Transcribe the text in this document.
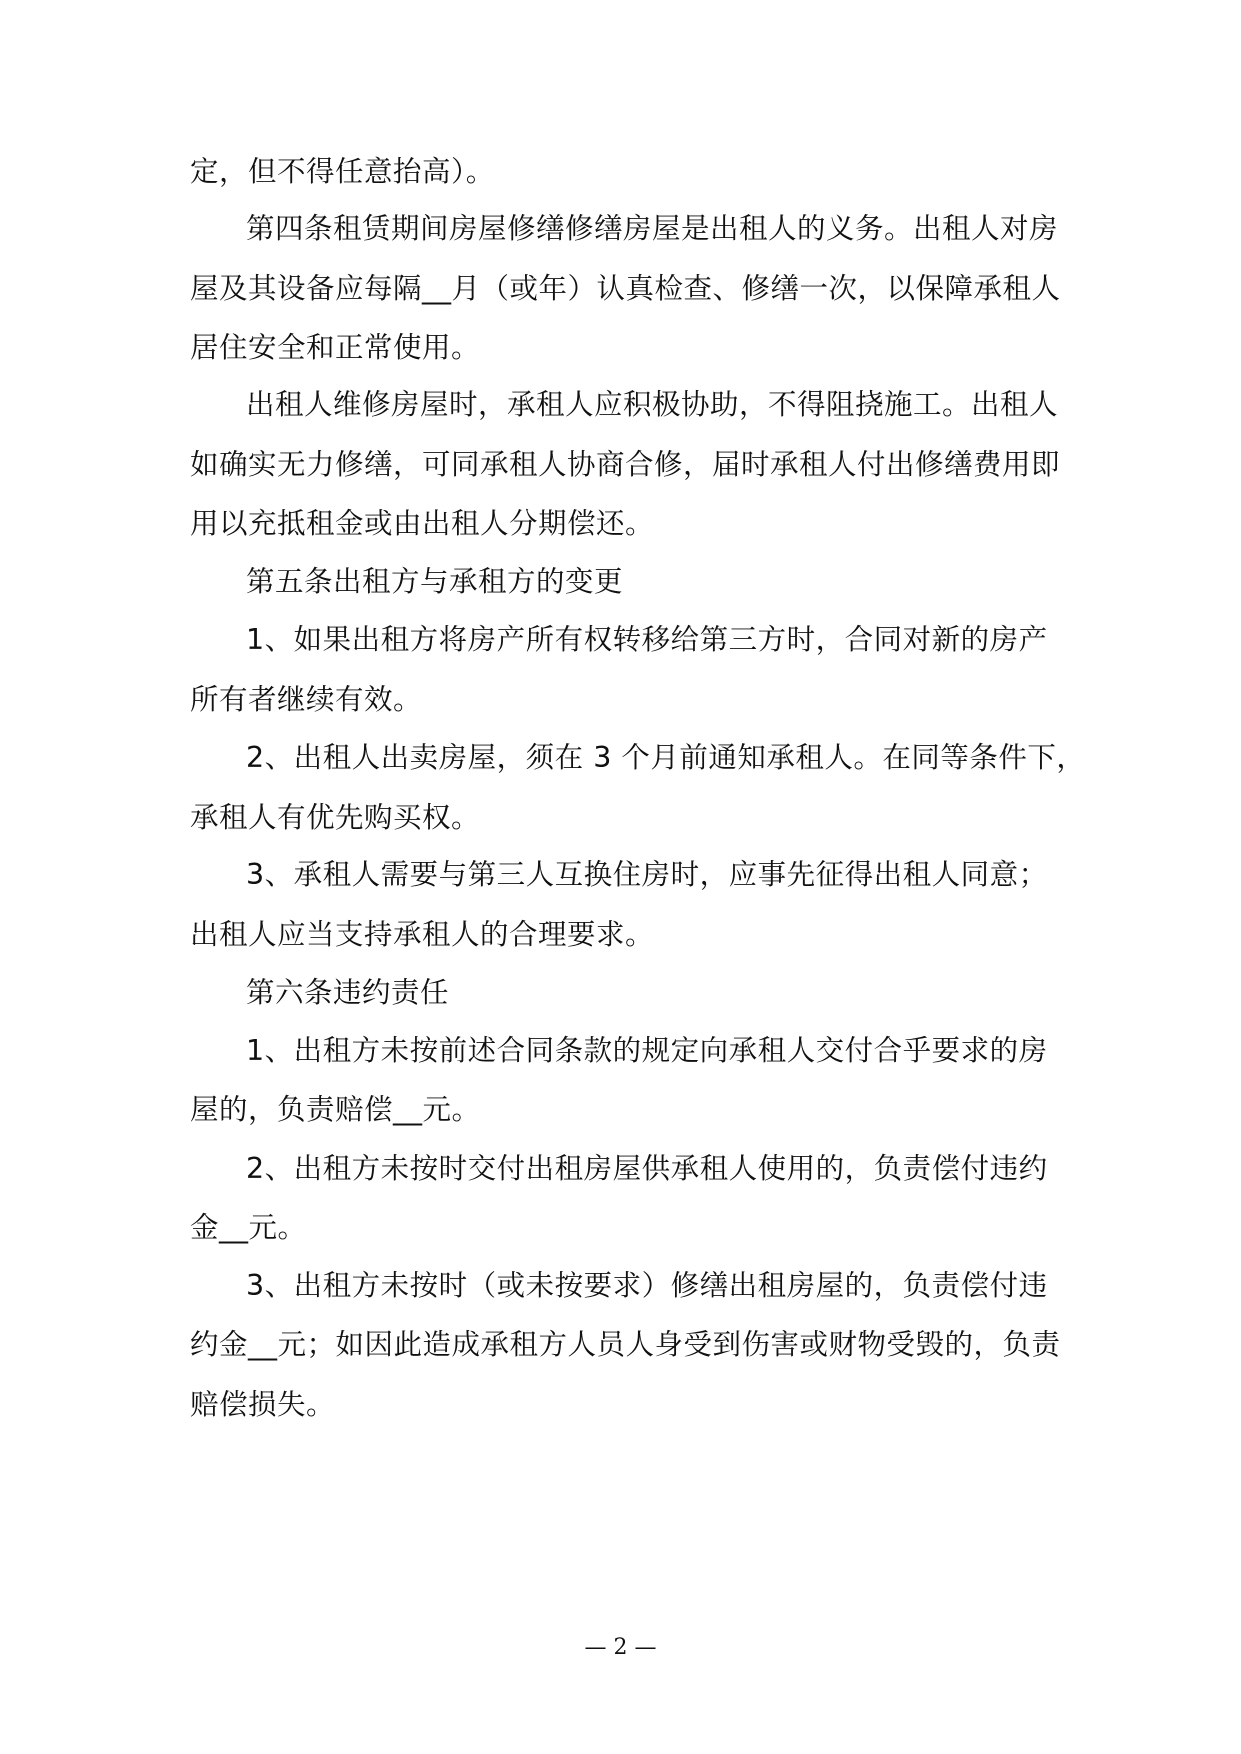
定，但不得任意抬高）。
第四条租赁期间房屋修缮修缮房屋是出租人的义务。出租人对房
屋及其设备应每隔__月（或年）认真检查、修缮一次，以保障承租人
居住安全和正常使用。
出租人维修房屋时，承租人应积极协助，不得阻挠施工。出租人
如确实无力修缮，可同承租人协商合修，届时承租人付出修缮费用即
用以充抵租金或由出租人分期偿还。
第五条出租方与承租方的变更
1、如果出租方将房产所有权转移给第三方时，合同对新的房产
所有者继续有效。
2、出租人出卖房屋，须在 3 个月前通知承租人。在同等条件下，
承租人有优先购买权。
3、承租人需要与第三人互换住房时，应事先征得出租人同意；
出租人应当支持承租人的合理要求。
第六条违约责任
1、出租方未按前述合同条款的规定向承租人交付合乎要求的房
屋的，负责赔偿__元。
2、出租方未按时交付出租房屋供承租人使用的，负责偿付违约
金__元。
3、出租方未按时（或未按要求）修缮出租房屋的，负责偿付违
约金__元；如因此造成承租方人员人身受到伤害或财物受毁的，负责
赔偿损失。
— 2 —
